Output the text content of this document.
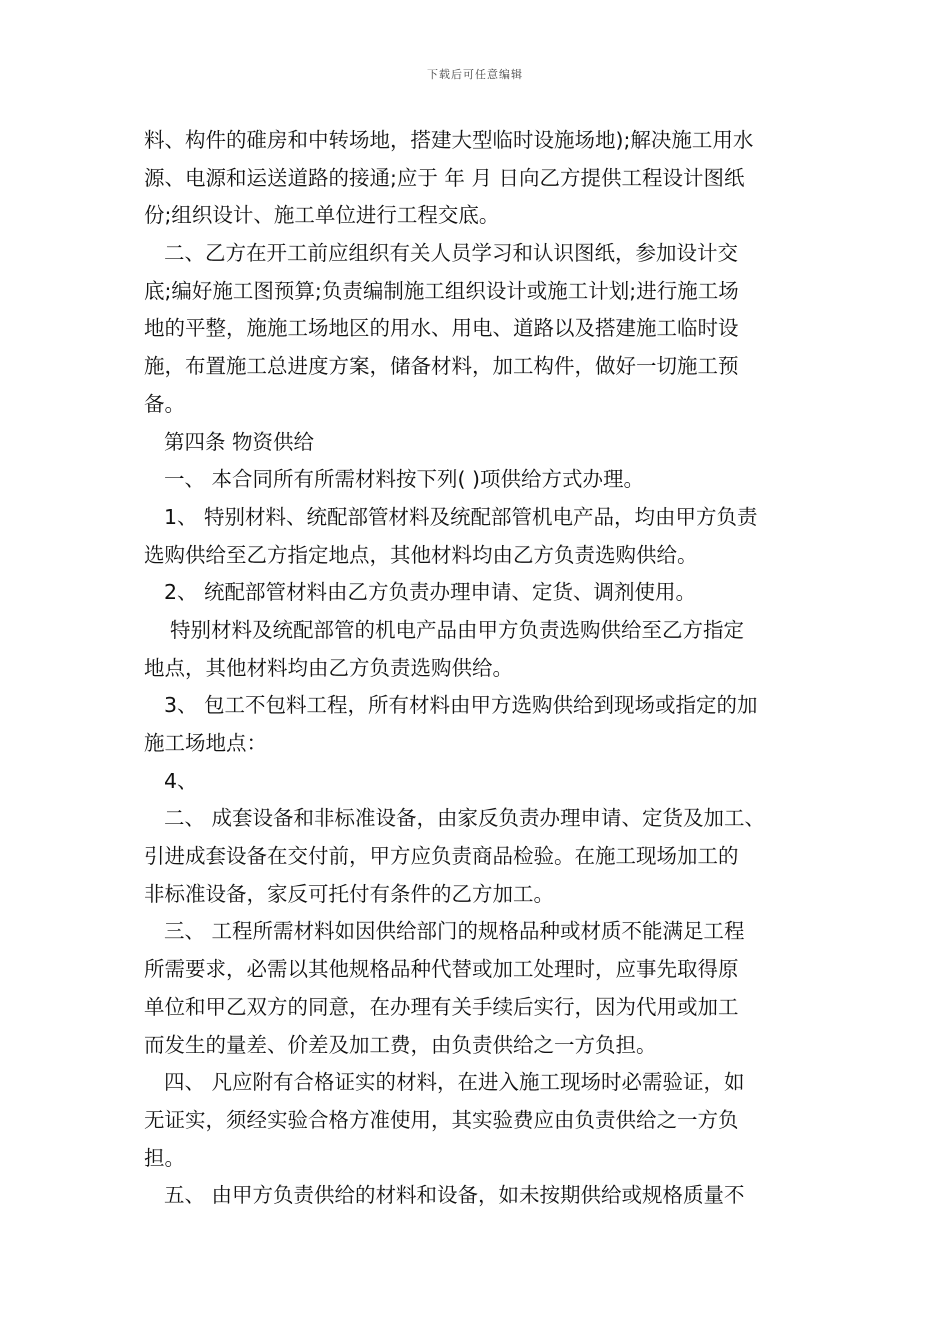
下载后可任意编辑
料、构件的碓房和中转场地，搭建大型临时设施场地);解决施工用水
源、电源和运送道路的接通;应于 年 月 日向乙方提供工程设计图纸
份;组织设计、施工单位进行工程交底。
二、乙方在开工前应组织有关人员学习和认识图纸，参加设计交
底;编好施工图预算;负责编制施工组织设计或施工计划;进行施工场
地的平整，施施工场地区的用水、用电、道路以及搭建施工临时设
施，布置施工总进度方案，储备材料，加工构件，做好一切施工预
备。
第四条 物资供给
一、 本合同所有所需材料按下列( )项供给方式办理。
1、 特别材料、统配部管材料及统配部管机电产品，均由甲方负责
选购供给至乙方指定地点，其他材料均由乙方负责选购供给。
2、 统配部管材料由乙方负责办理申请、定货、调剂使用。
特别材料及统配部管的机电产品由甲方负责选购供给至乙方指定
地点，其他材料均由乙方负责选购供给。
3、 包工不包料工程，所有材料由甲方选购供给到现场或指定的加
施工场地点：
4、
二、 成套设备和非标准设备，由家反负责办理申请、定货及加工、
引进成套设备在交付前，甲方应负责商品检验。在施工现场加工的
非标准设备，家反可托付有条件的乙方加工。
三、 工程所需材料如因供给部门的规格品种或材质不能满足工程
所需要求，必需以其他规格品种代替或加工处理时，应事先取得原
单位和甲乙双方的同意，在办理有关手续后实行，因为代用或加工
而发生的量差、价差及加工费，由负责供给之一方负担。
四、 凡应附有合格证实的材料，在进入施工现场时必需验证，如
无证实，须经实验合格方准使用，其实验费应由负责供给之一方负
担。
五、 由甲方负责供给的材料和设备，如未按期供给或规格质量不
